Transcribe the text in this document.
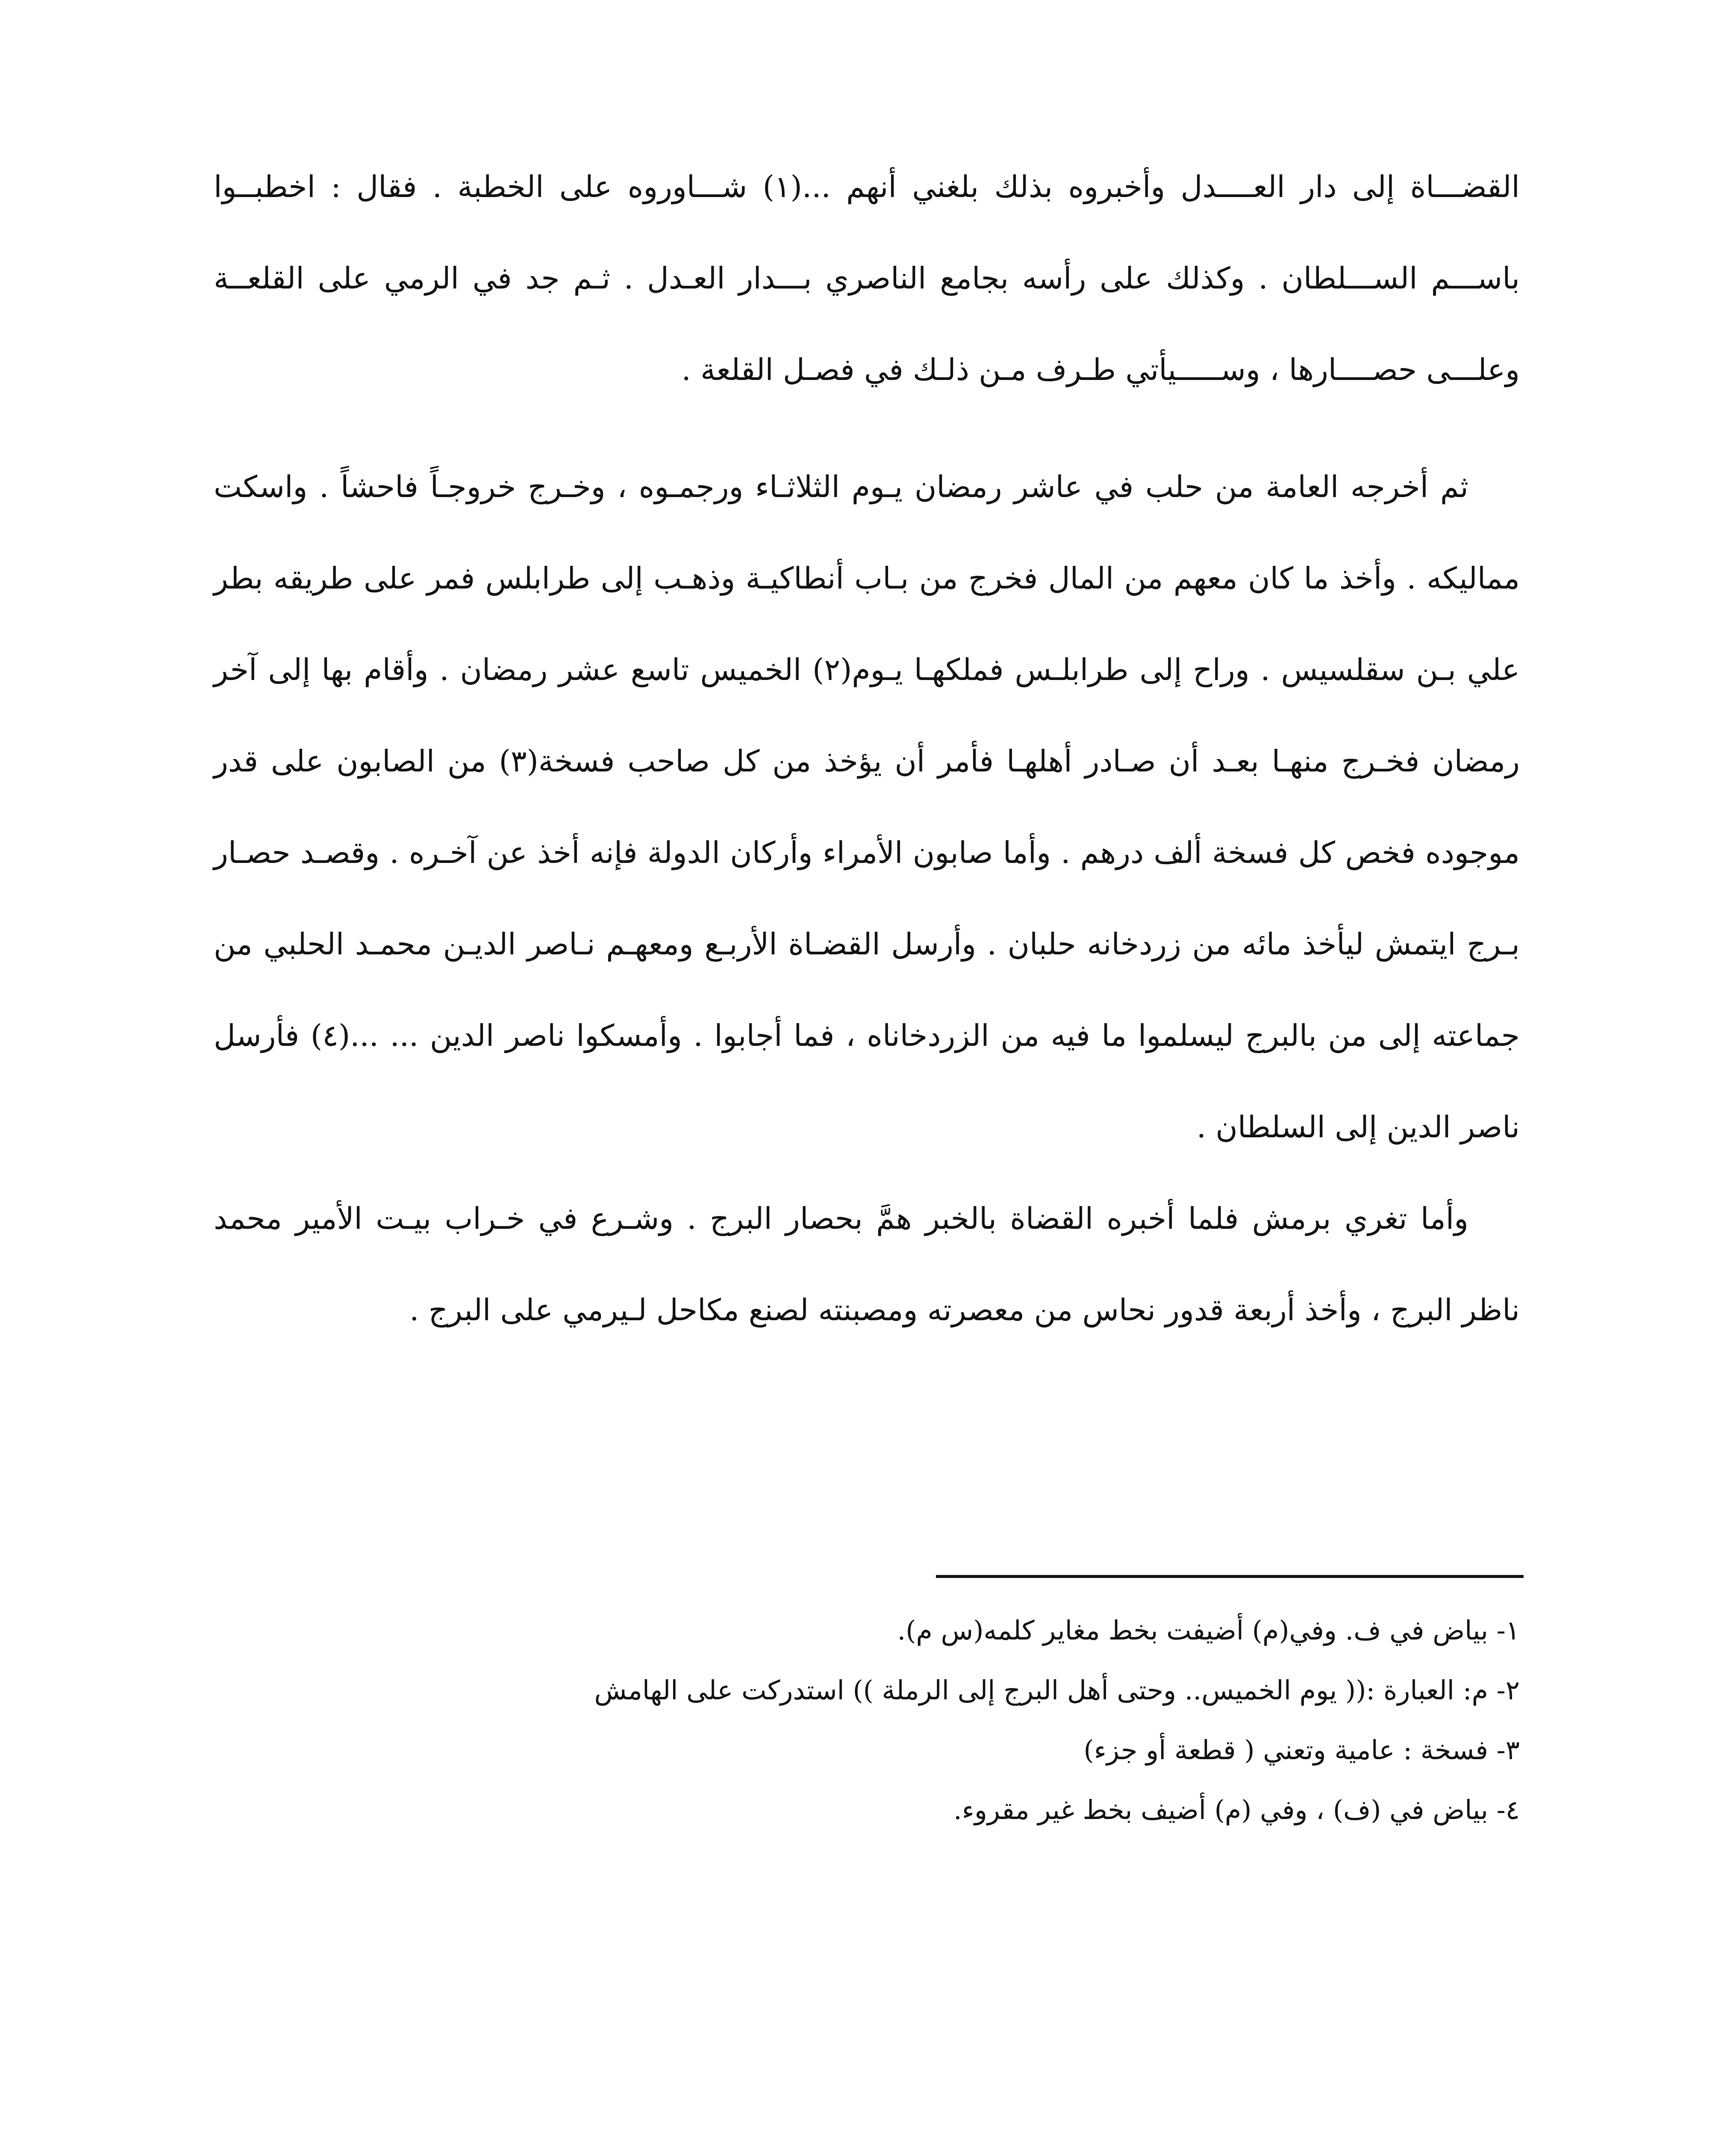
القضـــاة إلى دار العــــدل وأخبروه بذلك بلغني أنهم ...(١) شـــاوروه على الخطبة . فقال : اخطبــوا باســـم الســـلطان . وكذلك على رأسه بجامع الناصري بـــدار العـدل . ثـم جد في الرمي على القلعــة وعلـــى حصــــارها ، وســـــيأتي طـرف مـن ذلـك في فصـل القلعة .

ثم أخرجه العامة من حلب في عاشر رمضان يـوم الثلاثـاء ورجمـوه ، وخـرج خروجـاً فاحشاً . واسكت مماليكه . وأخذ ما كان معهم من المال فخرج من بـاب أنطاكيـة وذهـب إلى طرابلس فمر على طريقه بطر علي بـن سقلسيس . وراح إلى طرابلـس فملكهـا يـوم(٢) الخميس تاسع عشر رمضان . وأقام بها إلى آخر رمضان فخـرج منهـا بعـد أن صـادر أهلهـا فأمر أن يؤخذ من كل صاحب فسخة(٣) من الصابون على قدر موجوده فخص كل فسخة ألف درهم . وأما صابون الأمراء وأركان الدولة فإنه أخذ عن آخـره . وقصـد حصـار بـرج ايتمش ليأخذ مائه من زردخانه حلبان . وأرسل القضـاة الأربـع ومعهـم نـاصر الديـن محمـد الحلبي من جماعته إلى من بالبرج ليسلموا ما فيه من الزردخاناه ، فما أجابوا . وأمسكوا ناصر الدين ... ...(٤) فأرسل ناصر الدين إلى السلطان .

وأما تغري برمش فلما أخبره القضاة بالخبر همَّ بحصار البرج . وشـرع في خـراب بيـت الأمير محمد ناظر البرج ، وأخذ أربعة قدور نحاس من معصرته ومصبنته لصنع مكاحل لـيرمي على البرج .

١- بياض في ف. وفي(م) أضيفت بخط مغاير كلمه(س م).

٢- م: العبارة :(( يوم الخميس.. وحتى أهل البرج إلى الرملة )) استدركت على الهامش

٣- فسخة : عامية وتعني ( قطعة أو جزء)

٤- بياض في (ف) ، وفي (م) أضيف بخط غير مقروء.
